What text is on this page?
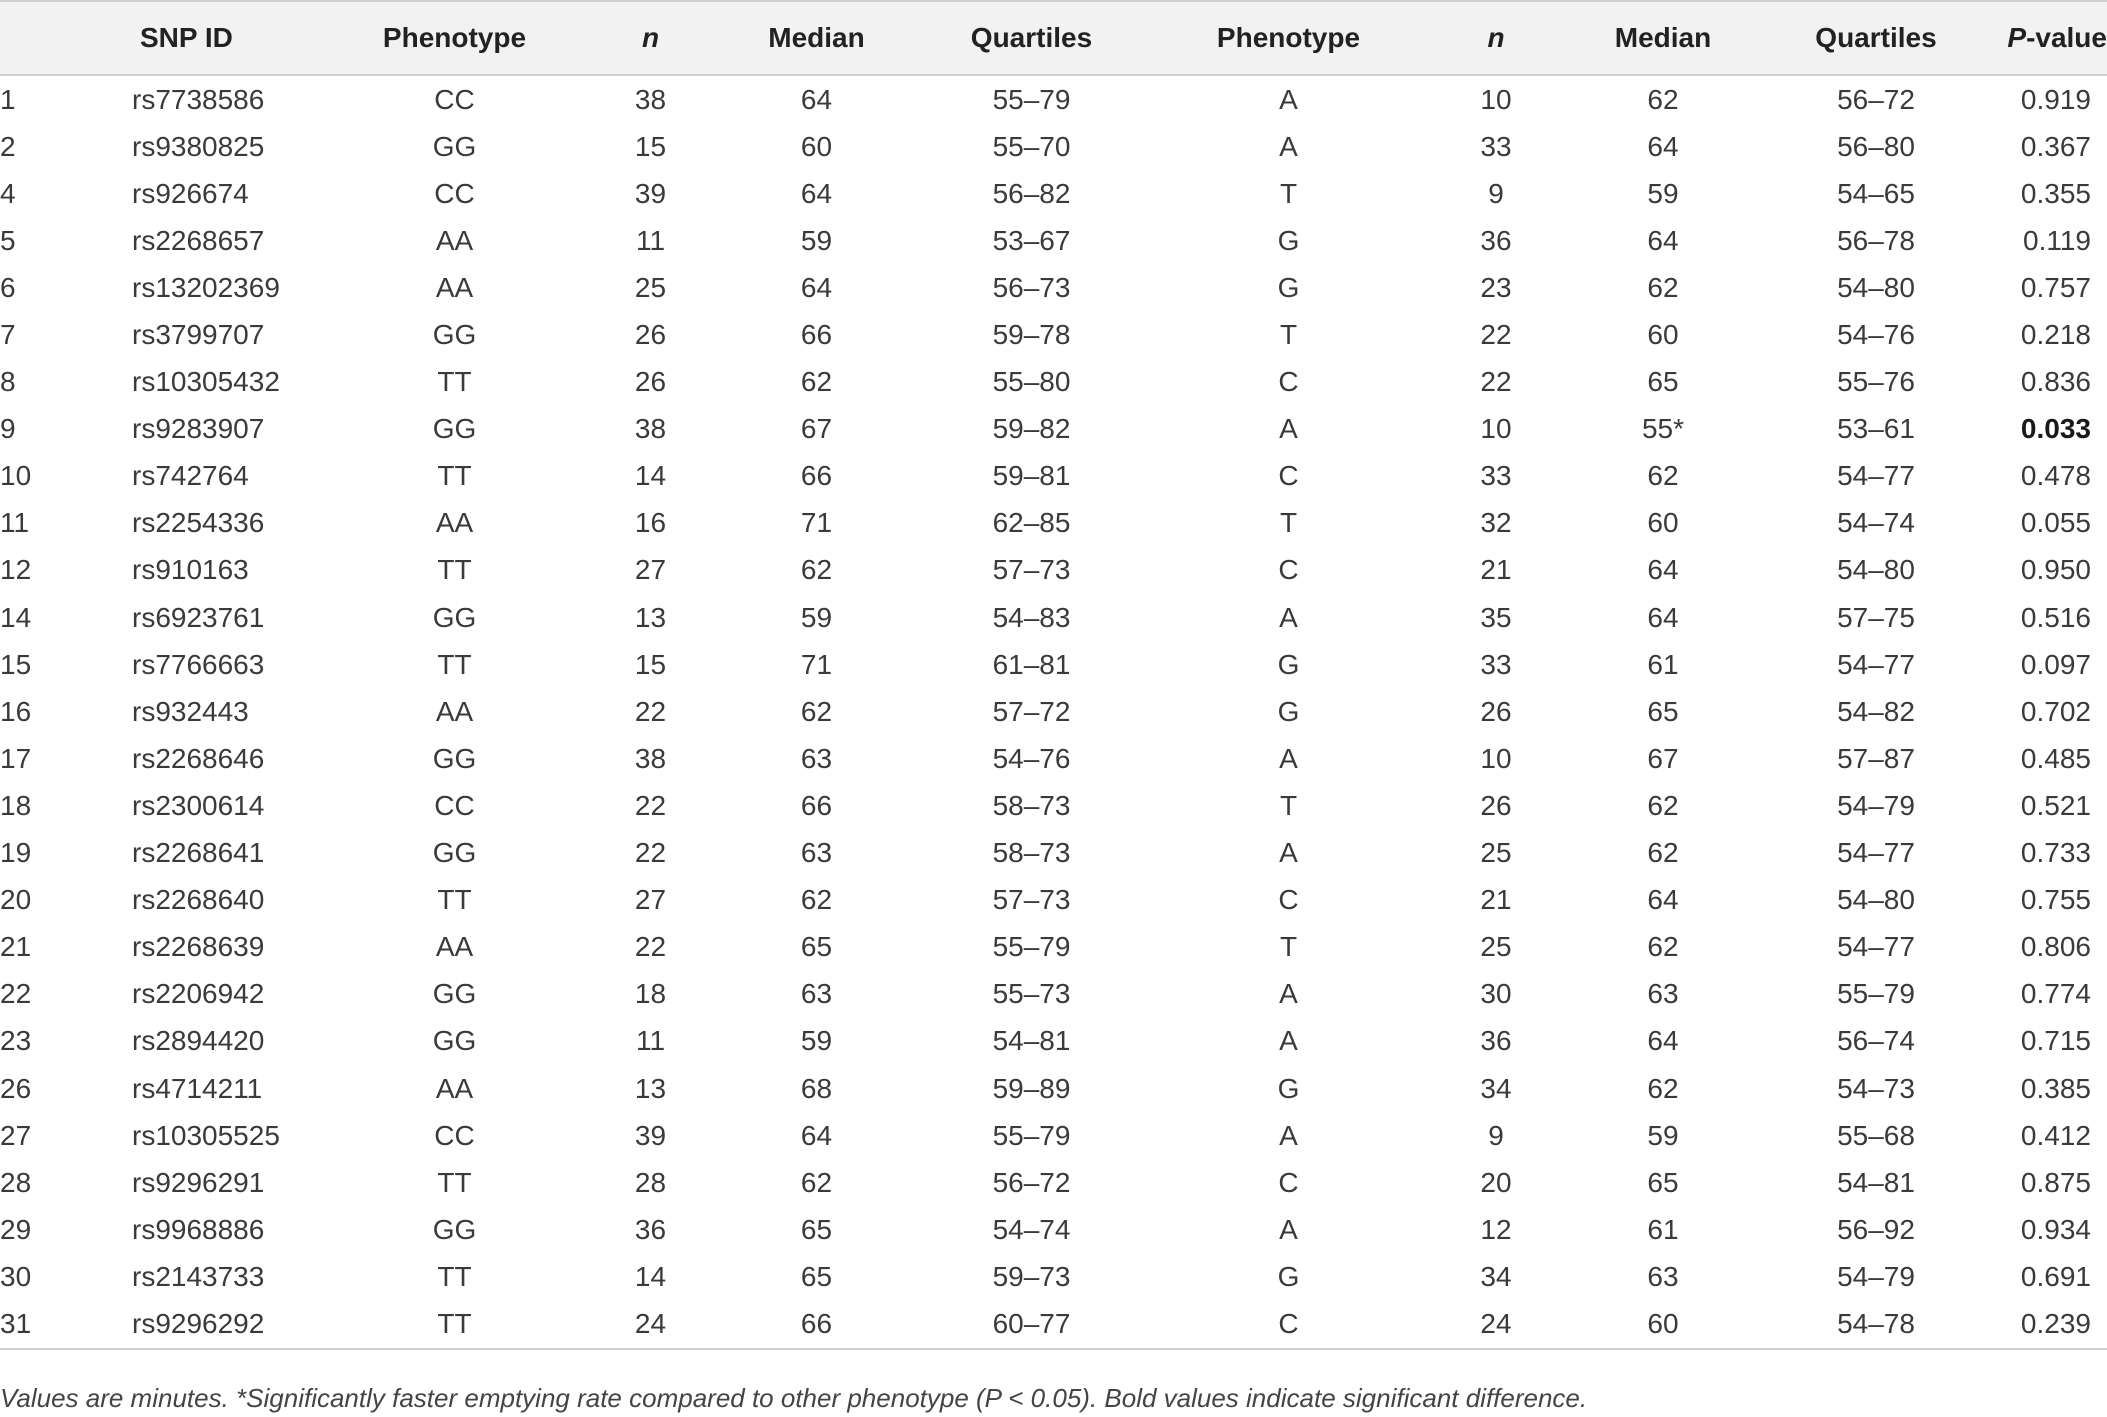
	SNP ID	Phenotype	n	Median	Quartiles	Phenotype	n	Median	Quartiles	P-value
1	rs7738586	CC	38	64	55–79	A	10	62	56–72	0.919
2	rs9380825	GG	15	60	55–70	A	33	64	56–80	0.367
4	rs926674	CC	39	64	56–82	T	9	59	54–65	0.355
5	rs2268657	AA	11	59	53–67	G	36	64	56–78	0.119
6	rs13202369	AA	25	64	56–73	G	23	62	54–80	0.757
7	rs3799707	GG	26	66	59–78	T	22	60	54–76	0.218
8	rs10305432	TT	26	62	55–80	C	22	65	55–76	0.836
9	rs9283907	GG	38	67	59–82	A	10	55*	53–61	0.033
10	rs742764	TT	14	66	59–81	C	33	62	54–77	0.478
11	rs2254336	AA	16	71	62–85	T	32	60	54–74	0.055
12	rs910163	TT	27	62	57–73	C	21	64	54–80	0.950
14	rs6923761	GG	13	59	54–83	A	35	64	57–75	0.516
15	rs7766663	TT	15	71	61–81	G	33	61	54–77	0.097
16	rs932443	AA	22	62	57–72	G	26	65	54–82	0.702
17	rs2268646	GG	38	63	54–76	A	10	67	57–87	0.485
18	rs2300614	CC	22	66	58–73	T	26	62	54–79	0.521
19	rs2268641	GG	22	63	58–73	A	25	62	54–77	0.733
20	rs2268640	TT	27	62	57–73	C	21	64	54–80	0.755
21	rs2268639	AA	22	65	55–79	T	25	62	54–77	0.806
22	rs2206942	GG	18	63	55–73	A	30	63	55–79	0.774
23	rs2894420	GG	11	59	54–81	A	36	64	56–74	0.715
26	rs4714211	AA	13	68	59–89	G	34	62	54–73	0.385
27	rs10305525	CC	39	64	55–79	A	9	59	55–68	0.412
28	rs9296291	TT	28	62	56–72	C	20	65	54–81	0.875
29	rs9968886	GG	36	65	54–74	A	12	61	56–92	0.934
30	rs2143733	TT	14	65	59–73	G	34	63	54–79	0.691
31	rs9296292	TT	24	66	60–77	C	24	60	54–78	0.239
Values are minutes. *Significantly faster emptying rate compared to other phenotype (P < 0.05). Bold values indicate significant difference.
